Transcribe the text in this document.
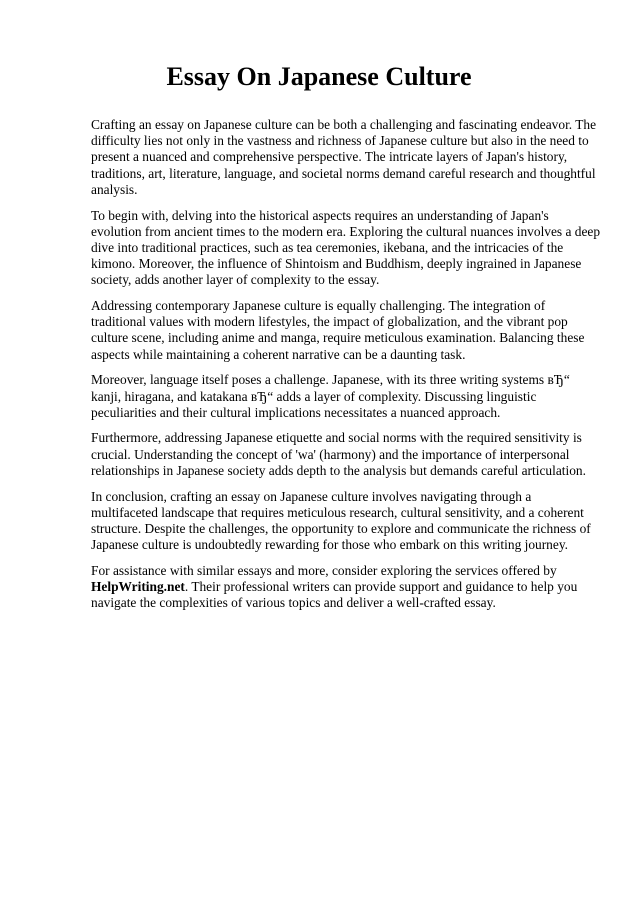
Essay On Japanese Culture

Crafting an essay on Japanese culture can be both a challenging and fascinating endeavor. The difficulty lies not only in the vastness and richness of Japanese culture but also in the need to present a nuanced and comprehensive perspective. The intricate layers of Japan's history, traditions, art, literature, language, and societal norms demand careful research and thoughtful analysis.

To begin with, delving into the historical aspects requires an understanding of Japan's evolution from ancient times to the modern era. Exploring the cultural nuances involves a deep dive into traditional practices, such as tea ceremonies, ikebana, and the intricacies of the kimono. Moreover, the influence of Shintoism and Buddhism, deeply ingrained in Japanese society, adds another layer of complexity to the essay.

Addressing contemporary Japanese culture is equally challenging. The integration of traditional values with modern lifestyles, the impact of globalization, and the vibrant pop culture scene, including anime and manga, require meticulous examination. Balancing these aspects while maintaining a coherent narrative can be a daunting task.

Moreover, language itself poses a challenge. Japanese, with its three writing systems вЂ“ kanji, hiragana, and katakana вЂ“ adds a layer of complexity. Discussing linguistic peculiarities and their cultural implications necessitates a nuanced approach.

Furthermore, addressing Japanese etiquette and social norms with the required sensitivity is crucial. Understanding the concept of 'wa' (harmony) and the importance of interpersonal relationships in Japanese society adds depth to the analysis but demands careful articulation.

In conclusion, crafting an essay on Japanese culture involves navigating through a multifaceted landscape that requires meticulous research, cultural sensitivity, and a coherent structure. Despite the challenges, the opportunity to explore and communicate the richness of Japanese culture is undoubtedly rewarding for those who embark on this writing journey.

For assistance with similar essays and more, consider exploring the services offered by HelpWriting.net. Their professional writers can provide support and guidance to help you navigate the complexities of various topics and deliver a well-crafted essay.
